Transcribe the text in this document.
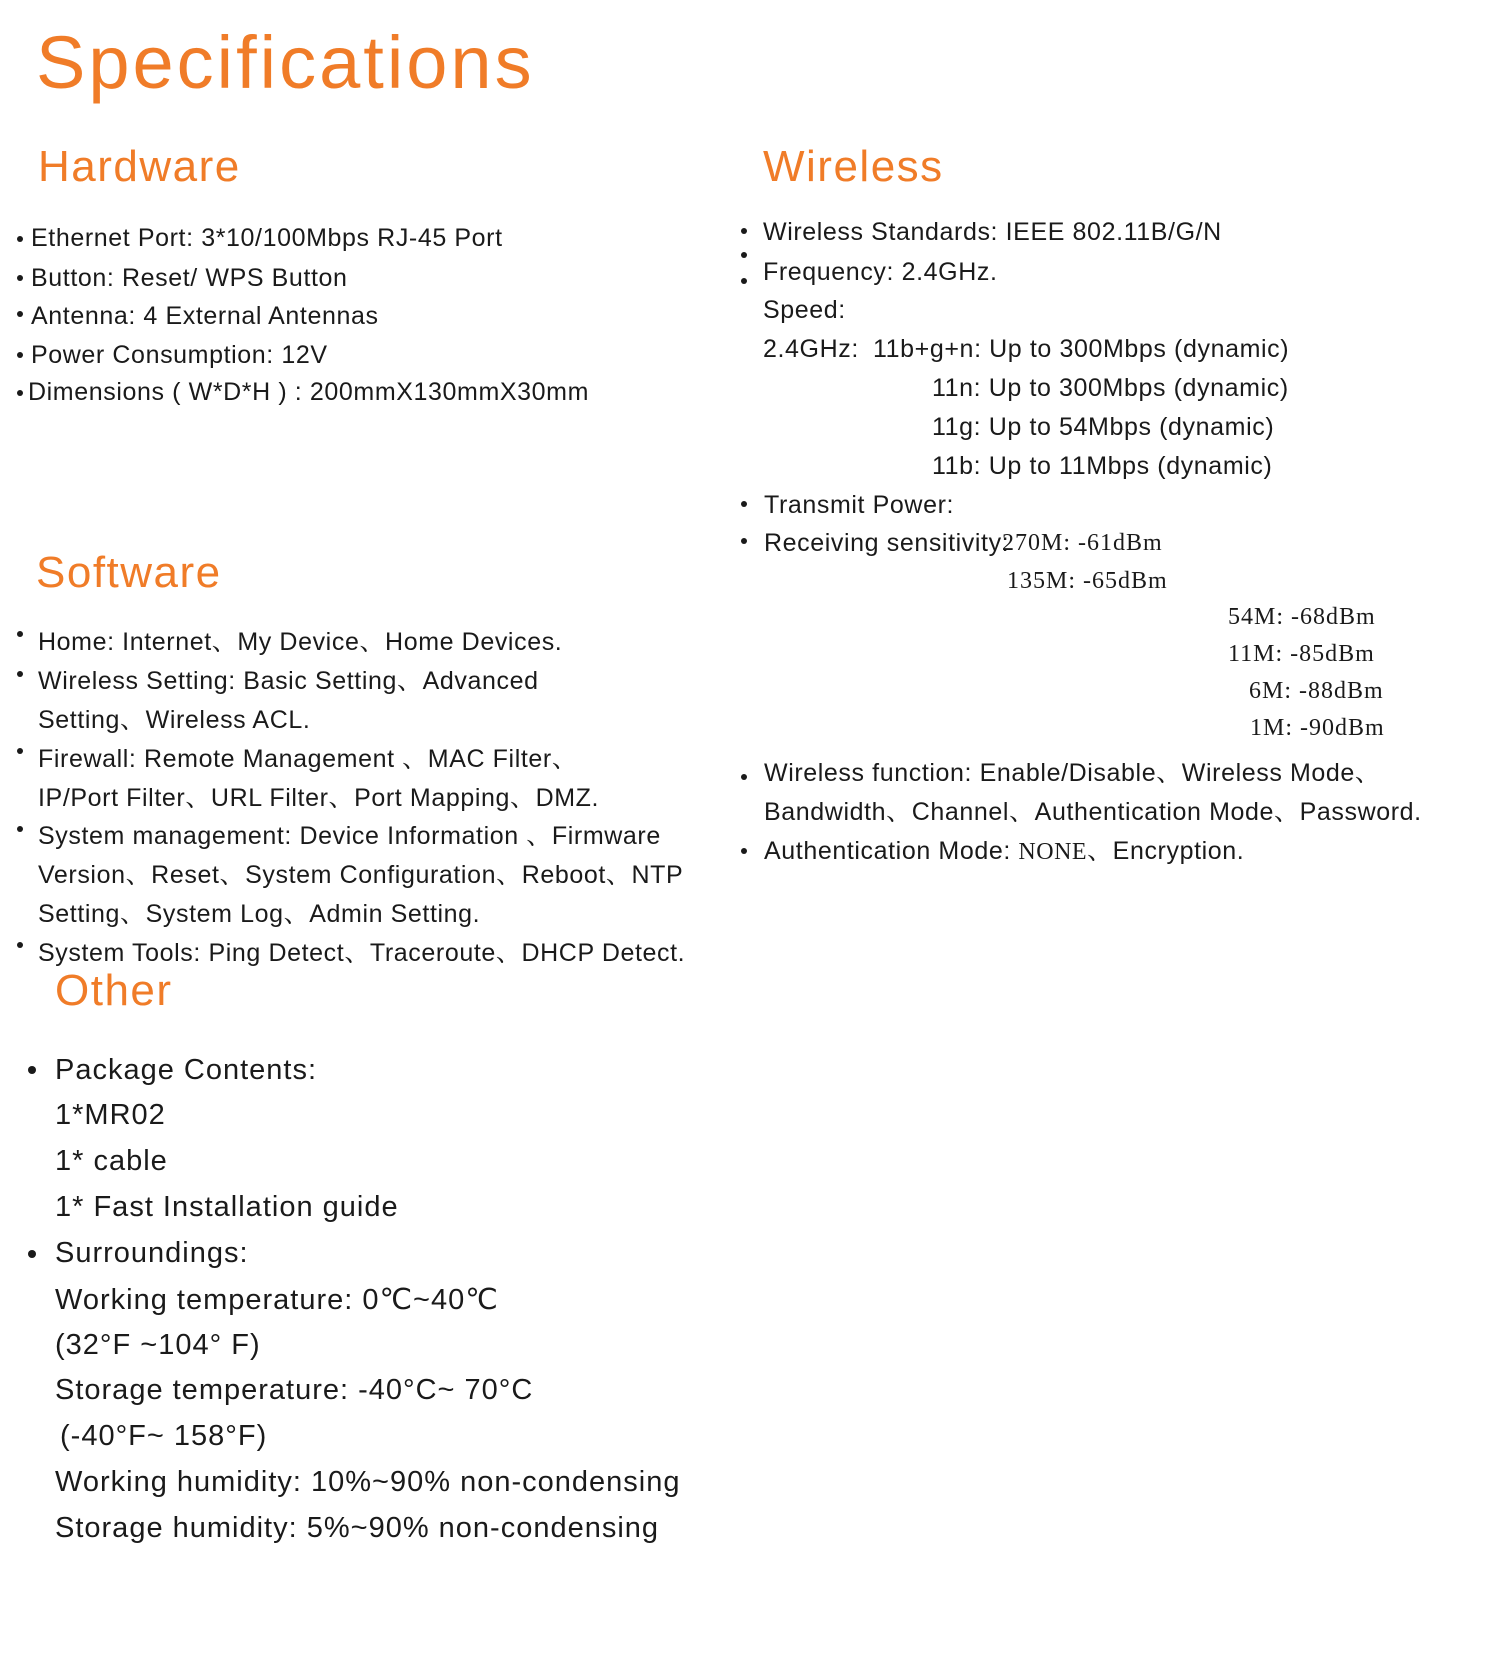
Specifications
Hardware
Ethernet Port: 3*10/100Mbps RJ-45 Port
Button: Reset/ WPS Button
Antenna: 4 External Antennas
Power Consumption: 12V
Dimensions ( W*D*H ) : 200mmX130mmX30mm
Software
Home: Internet、My Device、Home Devices.
Wireless Setting: Basic Setting、Advanced
Setting、Wireless ACL.
Firewall: Remote Management 、MAC Filter、
IP/Port Filter、URL Filter、Port Mapping、DMZ.
System management: Device Information 、Firmware
Version、Reset、System Configuration、Reboot、NTP
Setting、System Log、Admin Setting.
System Tools: Ping Detect、Traceroute、DHCP Detect.
Other
Package Contents:
1*MR02
1* cable
1* Fast Installation guide
Surroundings:
Working temperature: 0℃~40℃
(32°F ~104° F)
Storage temperature: -40°C~ 70°C
(-40°F~ 158°F)
Working humidity: 10%~90% non-condensing
Storage humidity: 5%~90% non-condensing
Wireless
Wireless Standards: IEEE 802.11B/G/N
Frequency: 2.4GHz.
Speed:
2.4GHz: 11b+g+n: Up to 300Mbps (dynamic)
11n: Up to 300Mbps (dynamic)
11g: Up to 54Mbps (dynamic)
11b: Up to 11Mbps (dynamic)
Transmit Power:
Receiving sensitivity:
270M: -61dBm
135M: -65dBm
54M: -68dBm
11M: -85dBm
6M: -88dBm
1M: -90dBm
Wireless function: Enable/Disable、Wireless Mode、
Bandwidth、Channel、Authentication Mode、Password.
Authentication Mode: NONE、Encryption.
